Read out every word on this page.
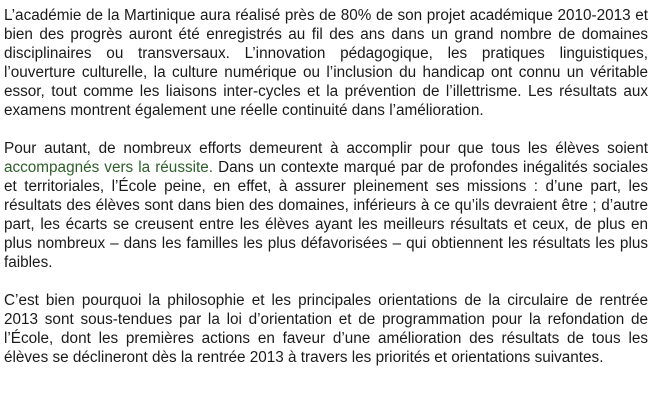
L’académie de la Martinique aura réalisé près de 80% de son projet académique 2010-2013 et bien des progrès auront été enregistrés au fil des ans dans un grand nombre de domaines disciplinaires ou transversaux. L’innovation pédagogique, les pratiques linguistiques, l’ouverture culturelle, la culture numérique ou l’inclusion du handicap ont connu un véritable essor, tout comme les liaisons inter-cycles et la prévention de l’illettrisme. Les résultats aux examens montrent également une réelle continuité dans l’amélioration.

Pour autant, de nombreux efforts demeurent à accomplir pour que tous les élèves soient accompagnés vers la réussite. Dans un contexte marqué par de profondes inégalités sociales et territoriales, l’École peine, en effet, à assurer pleinement ses missions : d’une part, les résultats des élèves sont dans bien des domaines, inférieurs à ce qu’ils devraient être ; d’autre part, les écarts se creusent entre les élèves ayant les meilleurs résultats et ceux, de plus en plus nombreux – dans les familles les plus défavorisées – qui obtiennent les résultats les plus faibles.

C’est bien pourquoi la philosophie et les principales orientations de la circulaire de rentrée 2013 sont sous-tendues par la loi d’orientation et de programmation pour la refondation de l’École, dont les premières actions en faveur d’une amélioration des résultats de tous les élèves se déclineront dès la rentrée 2013 à travers les priorités et orientations suivantes.
